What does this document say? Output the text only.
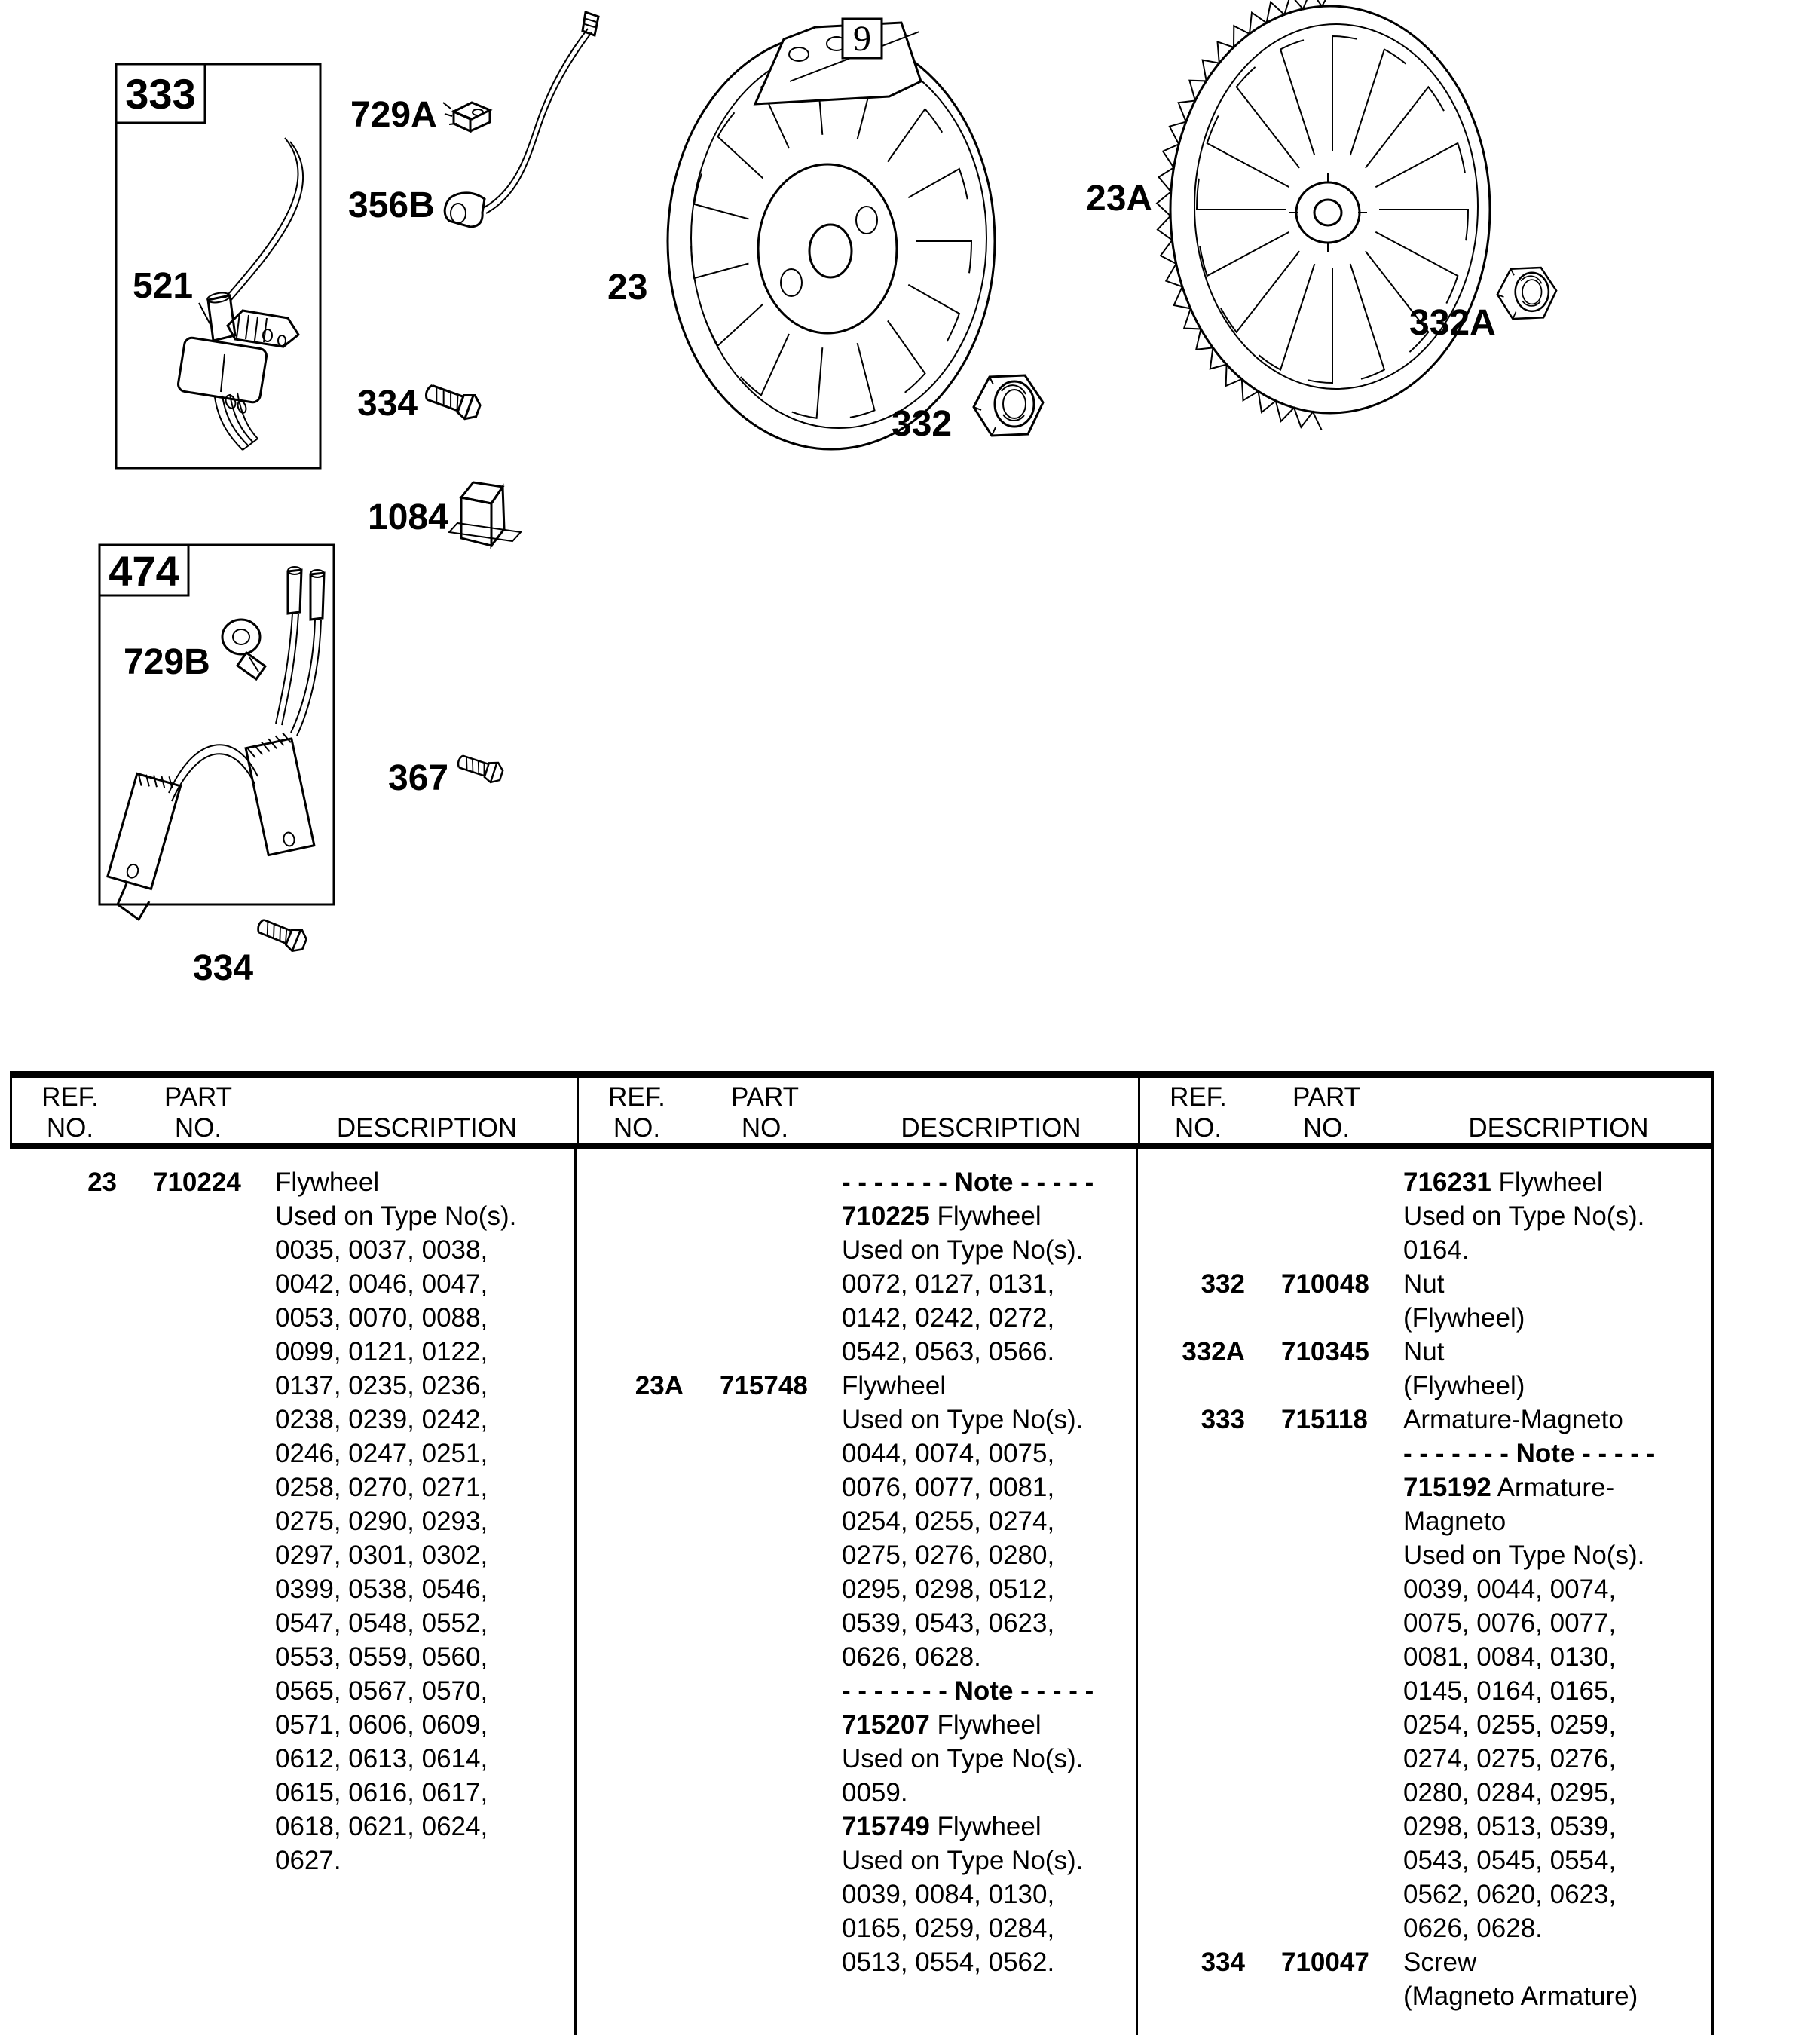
333
521
729A
356B
9
23
332
23A
332A
334
1084
474
729B
367
334
REF.
NO.
PART
NO.	DESCRIPTION
REF.
NO.
PART
NO.	DESCRIPTION
REF.
NO.
PART
NO.	DESCRIPTION
23	710224	Flywheel
Used on Type No(s).
0035, 0037, 0038,
0042, 0046, 0047,
0053, 0070, 0088,
0099, 0121, 0122,
0137, 0235, 0236,
0238, 0239, 0242,
0246, 0247, 0251,
0258, 0270, 0271,
0275, 0290, 0293,
0297, 0301, 0302,
0399, 0538, 0546,
0547, 0548, 0552,
0553, 0559, 0560,
0565, 0567, 0570,
0571, 0606, 0609,
0612, 0613, 0614,
0615, 0616, 0617,
0618, 0621, 0624,
0627.
- - - - - - - Note - - - - -
710225 Flywheel
Used on Type No(s).
0072, 0127, 0131,
0142, 0242, 0272,
0542, 0563, 0566.
23A	715748	Flywheel
Used on Type No(s).
0044, 0074, 0075,
0076, 0077, 0081,
0254, 0255, 0274,
0275, 0276, 0280,
0295, 0298, 0512,
0539, 0543, 0623,
0626, 0628.
- - - - - - - Note - - - - -
715207 Flywheel
Used on Type No(s).
0059.
715749 Flywheel
Used on Type No(s).
0039, 0084, 0130,
0165, 0259, 0284,
0513, 0554, 0562.
716231 Flywheel
Used on Type No(s).
0164.
332	710048	Nut
(Flywheel)
332A	710345	Nut
(Flywheel)
333	715118	Armature-Magneto
- - - - - - - Note - - - - -
715192 Armature-
Magneto
Used on Type No(s).
0039, 0044, 0074,
0075, 0076, 0077,
0081, 0084, 0130,
0145, 0164, 0165,
0254, 0255, 0259,
0274, 0275, 0276,
0280, 0284, 0295,
0298, 0513, 0539,
0543, 0545, 0554,
0562, 0620, 0623,
0626, 0628.
334	710047	Screw
(Magneto Armature)
